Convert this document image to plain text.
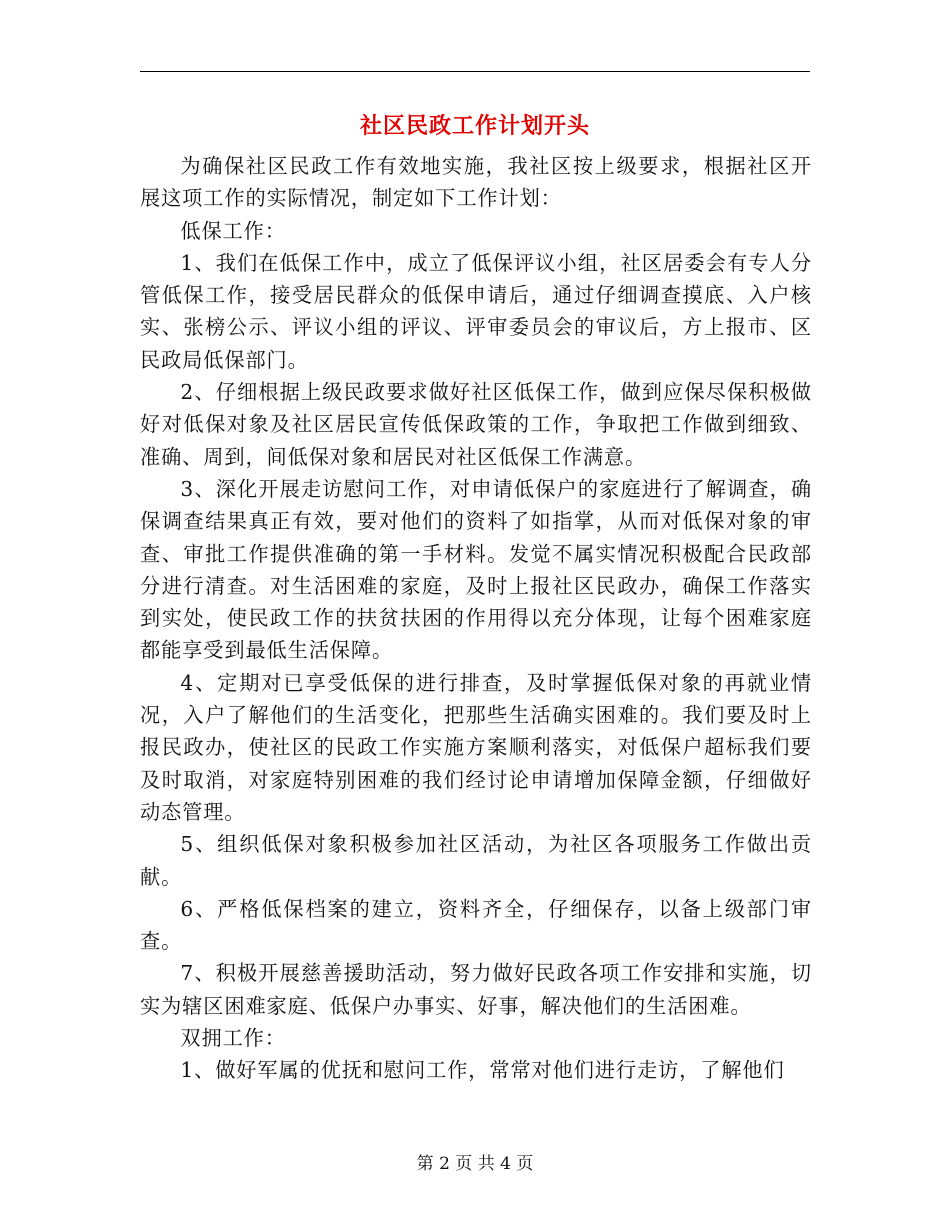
社区民政工作计划开头

为确保社区民政工作有效地实施，我社区按上级要求，根据社区开展这项工作的实际情况，制定如下工作计划：

低保工作：

1、我们在低保工作中，成立了低保评议小组，社区居委会有专人分管低保工作，接受居民群众的低保申请后，通过仔细调查摸底、入户核实、张榜公示、评议小组的评议、评审委员会的审议后，方上报市、区民政局低保部门。

2、仔细根据上级民政要求做好社区低保工作，做到应保尽保积极做好对低保对象及社区居民宣传低保政策的工作，争取把工作做到细致、准确、周到，间低保对象和居民对社区低保工作满意。

3、深化开展走访慰问工作，对申请低保户的家庭进行了解调查，确保调查结果真正有效，要对他们的资料了如指掌，从而对低保对象的审查、审批工作提供准确的第一手材料。发觉不属实情况积极配合民政部分进行清查。对生活困难的家庭，及时上报社区民政办，确保工作落实到实处，使民政工作的扶贫扶困的作用得以充分体现，让每个困难家庭都能享受到最低生活保障。

4、定期对已享受低保的进行排查，及时掌握低保对象的再就业情况，入户了解他们的生活变化，把那些生活确实困难的。我们要及时上报民政办，使社区的民政工作实施方案顺利落实，对低保户超标我们要及时取消，对家庭特别困难的我们经讨论申请增加保障金额，仔细做好动态管理。

5、组织低保对象积极参加社区活动，为社区各项服务工作做出贡献。

6、严格低保档案的建立，资料齐全，仔细保存，以备上级部门审查。

7、积极开展慈善援助活动，努力做好民政各项工作安排和实施，切实为辖区困难家庭、低保户办事实、好事，解决他们的生活困难。

双拥工作：

1、做好军属的优抚和慰问工作，常常对他们进行走访，了解他们

第 2 页 共 4 页
